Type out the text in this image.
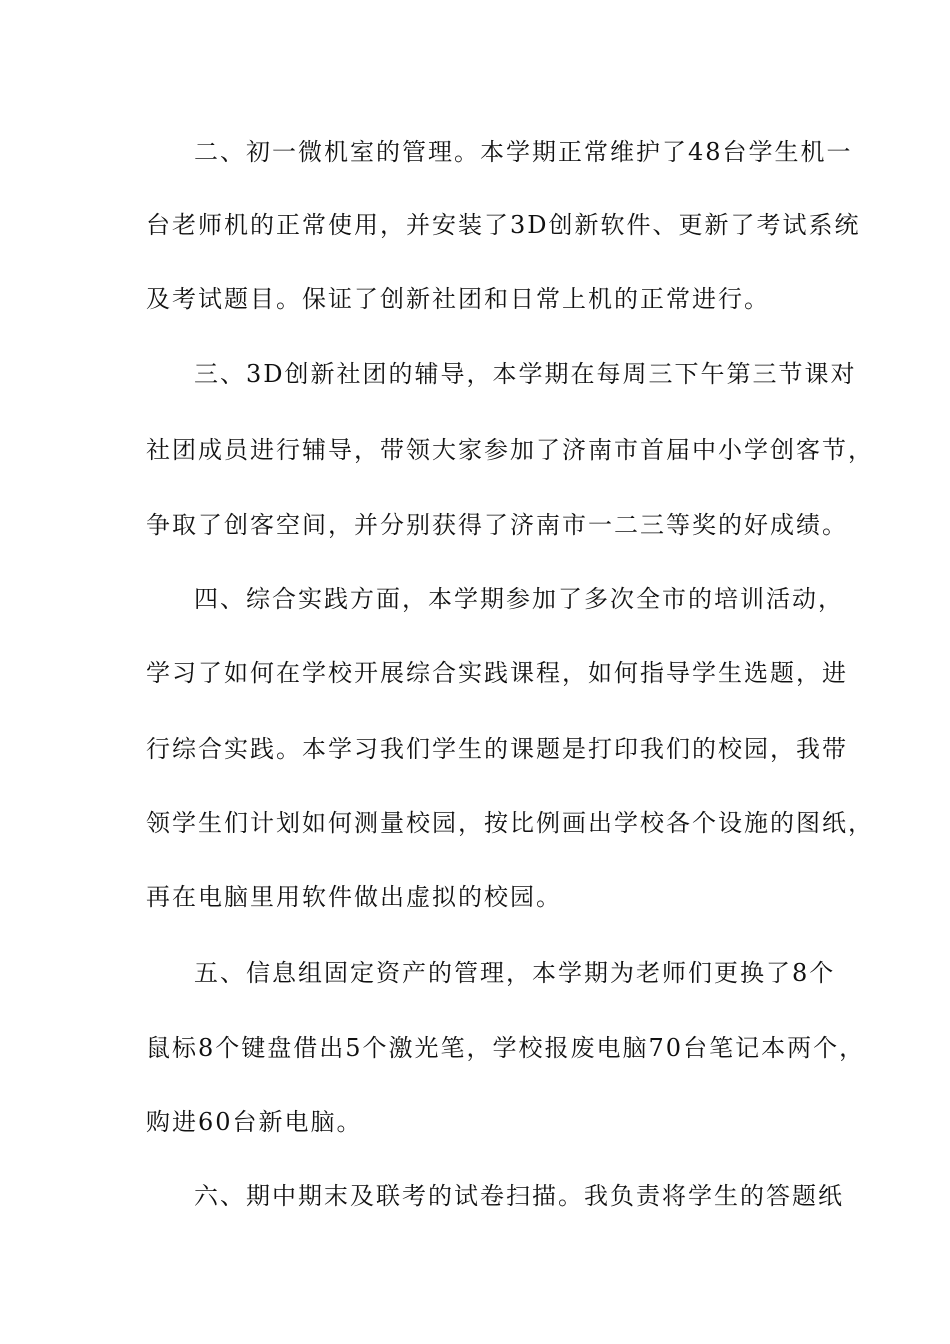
二、初一微机室的管理。本学期正常维护了48台学生机一
台老师机的正常使用，并安装了3D创新软件、更新了考试系统
及考试题目。保证了创新社团和日常上机的正常进行。
三、3D创新社团的辅导，本学期在每周三下午第三节课对
社团成员进行辅导，带领大家参加了济南市首届中小学创客节，
争取了创客空间，并分别获得了济南市一二三等奖的好成绩。
四、综合实践方面，本学期参加了多次全市的培训活动，
学习了如何在学校开展综合实践课程，如何指导学生选题，进
行综合实践。本学习我们学生的课题是打印我们的校园，我带
领学生们计划如何测量校园，按比例画出学校各个设施的图纸，
再在电脑里用软件做出虚拟的校园。
五、信息组固定资产的管理，本学期为老师们更换了8个
鼠标8个键盘借出5个激光笔，学校报废电脑70台笔记本两个，
购进60台新电脑。
六、期中期末及联考的试卷扫描。我负责将学生的答题纸
